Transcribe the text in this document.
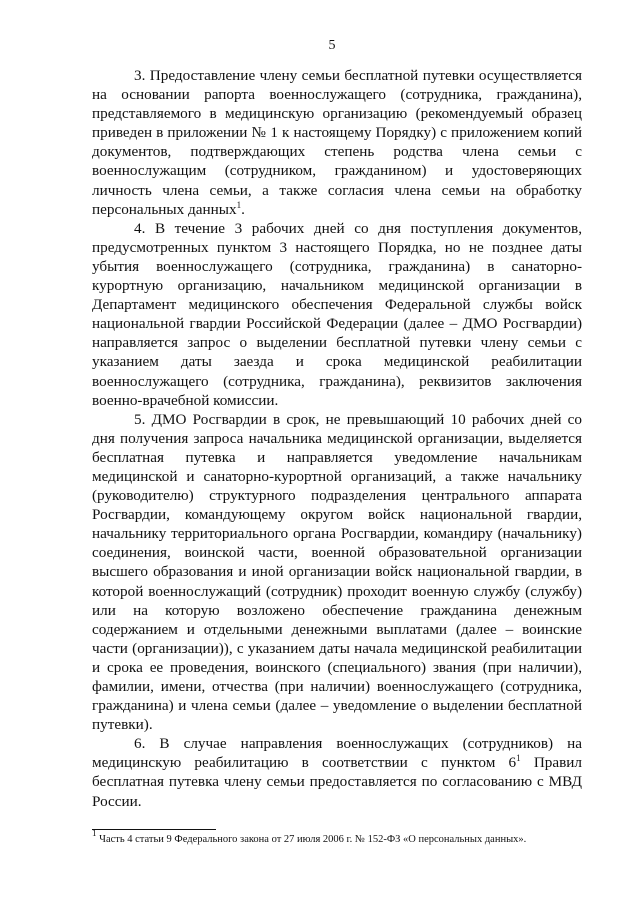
5

3. Предоставление члену семьи бесплатной путевки осуществляется на основании рапорта военнослужащего (сотрудника, гражданина), представляемого в медицинскую организацию (рекомендуемый образец приведен в приложении № 1 к настоящему Порядку) с приложением копий документов, подтверждающих степень родства члена семьи с военнослужащим (сотрудником, гражданином) и удостоверяющих личность члена семьи, а также согласия члена семьи на обработку персональных данных$^1$.

4. В течение 3 рабочих дней со дня поступления документов, предусмотренных пунктом 3 настоящего Порядка, но не позднее даты убытия военнослужащего (сотрудника, гражданина) в санаторно-курортную организацию, начальником медицинской организации в Департамент медицинского обеспечения Федеральной службы войск национальной гвардии Российской Федерации (далее – ДМО Росгвардии) направляется запрос о выделении бесплатной путевки члену семьи с указанием даты заезда и срока медицинской реабилитации военнослужащего (сотрудника, гражданина), реквизитов заключения военно-врачебной комиссии.

5. ДМО Росгвардии в срок, не превышающий 10 рабочих дней со дня получения запроса начальника медицинской организации, выделяется бесплатная путевка и направляется уведомление начальникам медицинской и санаторно-курортной организаций, а также начальнику (руководителю) структурного подразделения центрального аппарата Росгвардии, командующему округом войск национальной гвардии, начальнику территориального органа Росгвардии, командиру (начальнику) соединения, воинской части, военной образовательной организации высшего образования и иной организации войск национальной гвардии, в которой военнослужащий (сотрудник) проходит военную службу (службу) или на которую возложено обеспечение гражданина денежным содержанием и отдельными денежными выплатами (далее – воинские части (организации)), с указанием даты начала медицинской реабилитации и срока ее проведения, воинского (специального) звания (при наличии), фамилии, имени, отчества (при наличии) военнослужащего (сотрудника, гражданина) и члена семьи (далее – уведомление о выделении бесплатной путевки).

6. В случае направления военнослужащих (сотрудников) на медицинскую реабилитацию в соответствии с пунктом $6^1$ Правил бесплатная путевка члену семьи предоставляется по согласованию с МВД России.

$^1$ Часть 4 статьи 9 Федерального закона от 27 июля 2006 г. № 152-ФЗ «О персональных данных».
